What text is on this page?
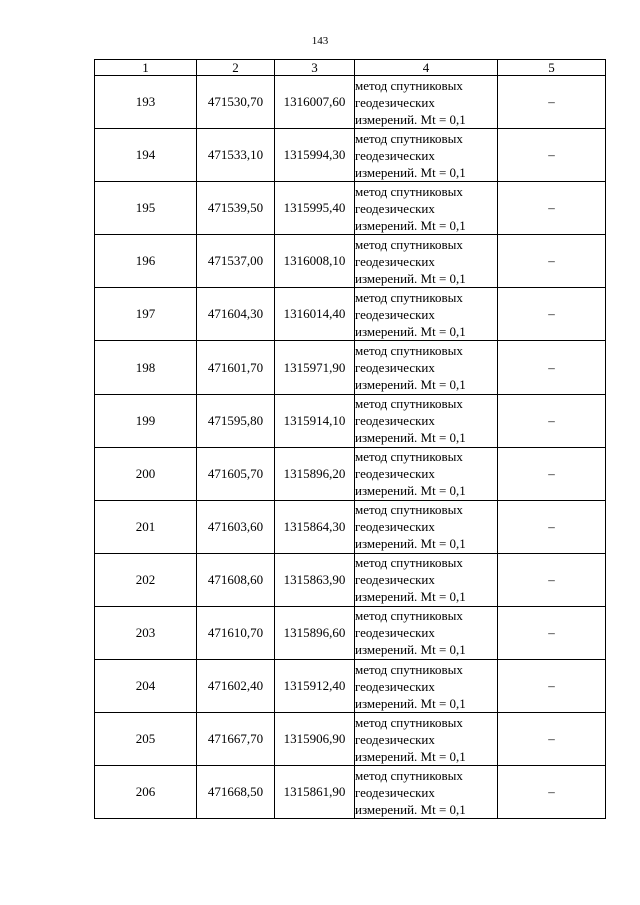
143
1	2	3	4	5
193	471530,70	1316007,60	метод спутниковых
геодезических
измерений. Mt = 0,1	–
194	471533,10	1315994,30	метод спутниковых
геодезических
измерений. Mt = 0,1	–
195	471539,50	1315995,40	метод спутниковых
геодезических
измерений. Mt = 0,1	–
196	471537,00	1316008,10	метод спутниковых
геодезических
измерений. Mt = 0,1	–
197	471604,30	1316014,40	метод спутниковых
геодезических
измерений. Mt = 0,1	–
198	471601,70	1315971,90	метод спутниковых
геодезических
измерений. Mt = 0,1	–
199	471595,80	1315914,10	метод спутниковых
геодезических
измерений. Mt = 0,1	–
200	471605,70	1315896,20	метод спутниковых
геодезических
измерений. Mt = 0,1	–
201	471603,60	1315864,30	метод спутниковых
геодезических
измерений. Mt = 0,1	–
202	471608,60	1315863,90	метод спутниковых
геодезических
измерений. Mt = 0,1	–
203	471610,70	1315896,60	метод спутниковых
геодезических
измерений. Mt = 0,1	–
204	471602,40	1315912,40	метод спутниковых
геодезических
измерений. Mt = 0,1	–
205	471667,70	1315906,90	метод спутниковых
геодезических
измерений. Mt = 0,1	–
206	471668,50	1315861,90	метод спутниковых
геодезических
измерений. Mt = 0,1	–
